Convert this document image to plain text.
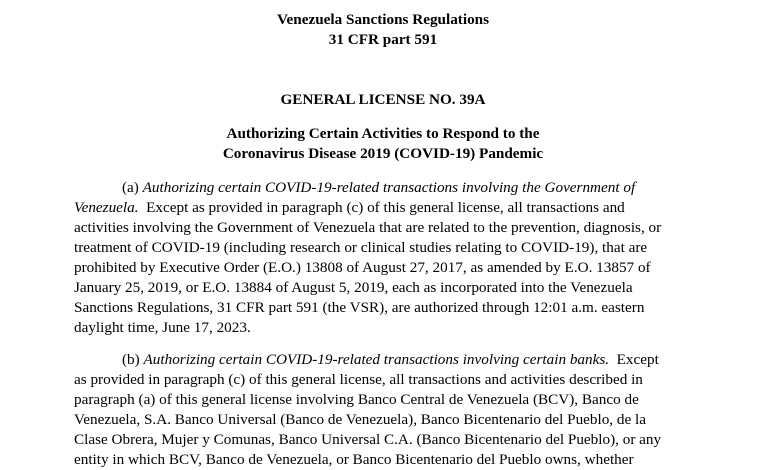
Venezuela Sanctions Regulations
31 CFR part 591
GENERAL LICENSE NO. 39A
Authorizing Certain Activities to Respond to the
Coronavirus Disease 2019 (COVID-19) Pandemic
(a) Authorizing certain COVID-19-related transactions involving the Government of
Venezuela.  Except as provided in paragraph (c) of this general license, all transactions and
activities involving the Government of Venezuela that are related to the prevention, diagnosis, or
treatment of COVID-19 (including research or clinical studies relating to COVID-19), that are
prohibited by Executive Order (E.O.) 13808 of August 27, 2017, as amended by E.O. 13857 of
January 25, 2019, or E.O. 13884 of August 5, 2019, each as incorporated into the Venezuela
Sanctions Regulations, 31 CFR part 591 (the VSR), are authorized through 12:01 a.m. eastern
daylight time, June 17, 2023.
(b) Authorizing certain COVID-19-related transactions involving certain banks.  Except
as provided in paragraph (c) of this general license, all transactions and activities described in
paragraph (a) of this general license involving Banco Central de Venezuela (BCV), Banco de
Venezuela, S.A. Banco Universal (Banco de Venezuela), Banco Bicentenario del Pueblo, de la
Clase Obrera, Mujer y Comunas, Banco Universal C.A. (Banco Bicentenario del Pueblo), or any
entity in which BCV, Banco de Venezuela, or Banco Bicentenario del Pueblo owns, whether
